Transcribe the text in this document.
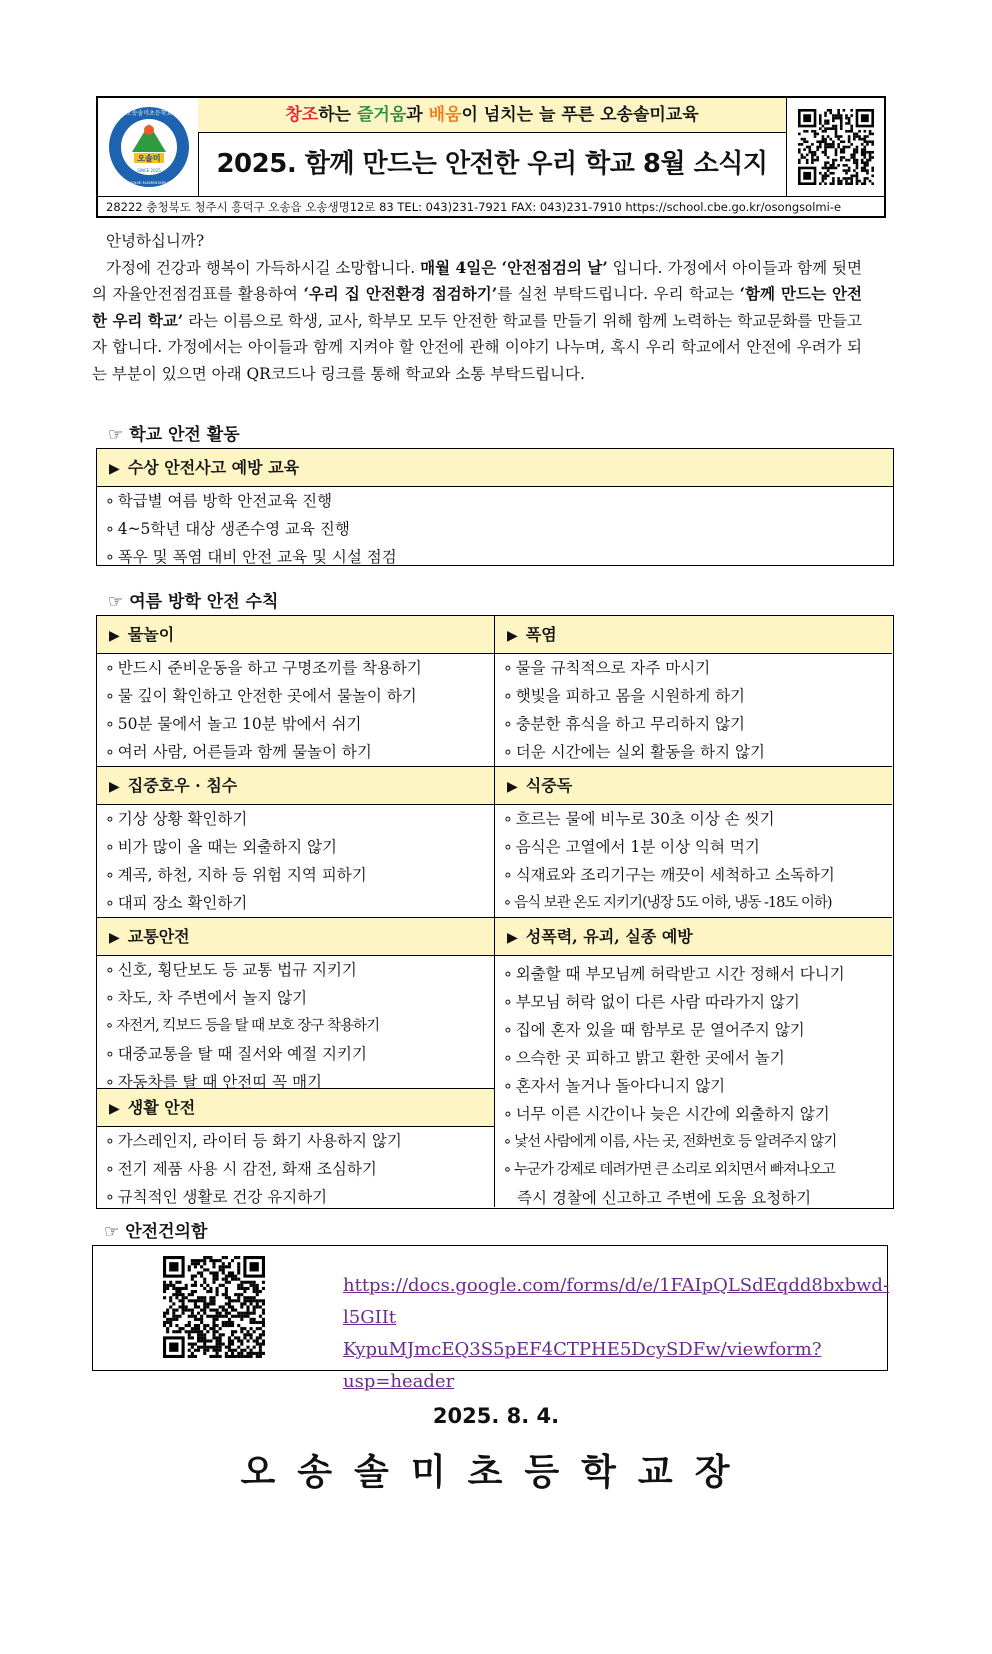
오솔미
SINCE 2025
오송솔미초등학교
OSONG SOLMI ELEMENTARY SCHOOL
창조하는 즐거움과 배움이 넘치는 늘 푸른 오송솔미교육
2025. 함께 만드는 안전한 우리 학교 8월 소식지
28222 충청북도 청주시 흥덕구 오송읍 오송생명12로 83 TEL: 043)231-7921 FAX: 043)231-7910 https://school.cbe.go.kr/osongsolmi-e

안녕하십니까?

가정에 건강과 행복이 가득하시길 소망합니다. 매월 4일은 ‘안전점검의 날’ 입니다. 가정에서 아이들과 함께 뒷면의 자율안전점검표를 활용하여 ‘우리 집 안전환경 점검하기’를 실천 부탁드립니다. 우리 학교는 ‘함께 만드는 안전한 우리 학교’ 라는 이름으로 학생, 교사, 학부모 모두 안전한 학교를 만들기 위해 함께 노력하는 학교문화를 만들고자 합니다. 가정에서는 아이들과 함께 지켜야 할 안전에 관해 이야기 나누며, 혹시 우리 학교에서 안전에 우려가 되는 부분이 있으면 아래 QR코드나 링크를 통해 학교와 소통 부탁드립니다.

☞ 학교 안전 활동
▶ 수상 안전사고 예방 교육
∘ 학급별 여름 방학 안전교육 진행
∘ 4~5학년 대상 생존수영 교육 진행
∘ 폭우 및 폭염 대비 안전 교육 및 시설 점검
☞ 여름 방학 안전 수칙
▶ 물놀이
∘ 반드시 준비운동을 하고 구명조끼를 착용하기
∘ 물 깊이 확인하고 안전한 곳에서 물놀이 하기
∘ 50분 물에서 놀고 10분 밖에서 쉬기
∘ 여러 사람, 어른들과 함께 물놀이 하기
▶ 집중호우 · 침수
∘ 기상 상황 확인하기
∘ 비가 많이 올 때는 외출하지 않기
∘ 계곡, 하천, 지하 등 위험 지역 피하기
∘ 대피 장소 확인하기
▶ 교통안전
∘ 신호, 횡단보도 등 교통 법규 지키기
∘ 차도, 차 주변에서 놀지 않기
∘ 자전거, 킥보드 등을 탈 때 보호 장구 착용하기
∘ 대중교통을 탈 때 질서와 예절 지키기
∘ 자동차를 탈 때 안전띠 꼭 매기
▶ 생활 안전
∘ 가스레인지, 라이터 등 화기 사용하지 않기
∘ 전기 제품 사용 시 감전, 화재 조심하기
∘ 규칙적인 생활로 건강 유지하기
▶ 폭염
∘ 물을 규칙적으로 자주 마시기
∘ 햇빛을 피하고 몸을 시원하게 하기
∘ 충분한 휴식을 하고 무리하지 않기
∘ 더운 시간에는 실외 활동을 하지 않기
▶ 식중독
∘ 흐르는 물에 비누로 30초 이상 손 씻기
∘ 음식은 고열에서 1분 이상 익혀 먹기
∘ 식재료와 조리기구는 깨끗이 세척하고 소독하기
∘ 음식 보관 온도 지키기(냉장 5도 이하, 냉동 -18도 이하)
▶ 성폭력, 유괴, 실종 예방
∘ 외출할 때 부모님께 허락받고 시간 정해서 다니기
∘ 부모님 허락 없이 다른 사람 따라가지 않기
∘ 집에 혼자 있을 때 함부로 문 열어주지 않기
∘ 으슥한 곳 피하고 밝고 환한 곳에서 놀기
∘ 혼자서 놀거나 돌아다니지 않기
∘ 너무 이른 시간이나 늦은 시간에 외출하지 않기
∘ 낯선 사람에게 이름, 사는 곳, 전화번호 등 알려주지 않기
∘ 누군가 강제로 데려가면 큰 소리로 외치면서 빠져나오고
즉시 경찰에 신고하고 주변에 도움 요청하기
☞ 안전건의함
https://docs.google.com/forms/d/e/1FAIpQLSdEqdd8bxbwd-l5GIIt
KypuMJmcEQ3S5pEF4CTPHE5DcySDFw/viewform?usp=header
2025. 8. 4.
오송솔미초등학교장
